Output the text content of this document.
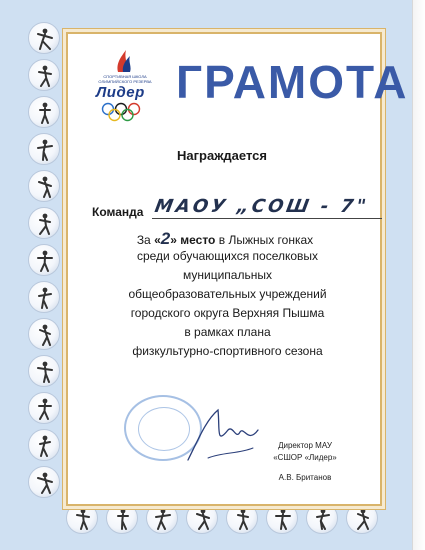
СПОРТИВНАЯ ШКОЛА
ОЛИМПИЙСКОГО РЕЗЕРВА
Лидер ГРАМОТА
Награждается
Команда МАОУ „СОШ - 7"
За «2» место в Лыжных гонках
среди обучающихся поселковых
муниципальных
общеобразовательных учреждений
городского округа Верхняя Пышма
в рамках плана
физкультурно-спортивного сезона
Директор МАУ
«СШОР «Лидер»
А.В. Британов
